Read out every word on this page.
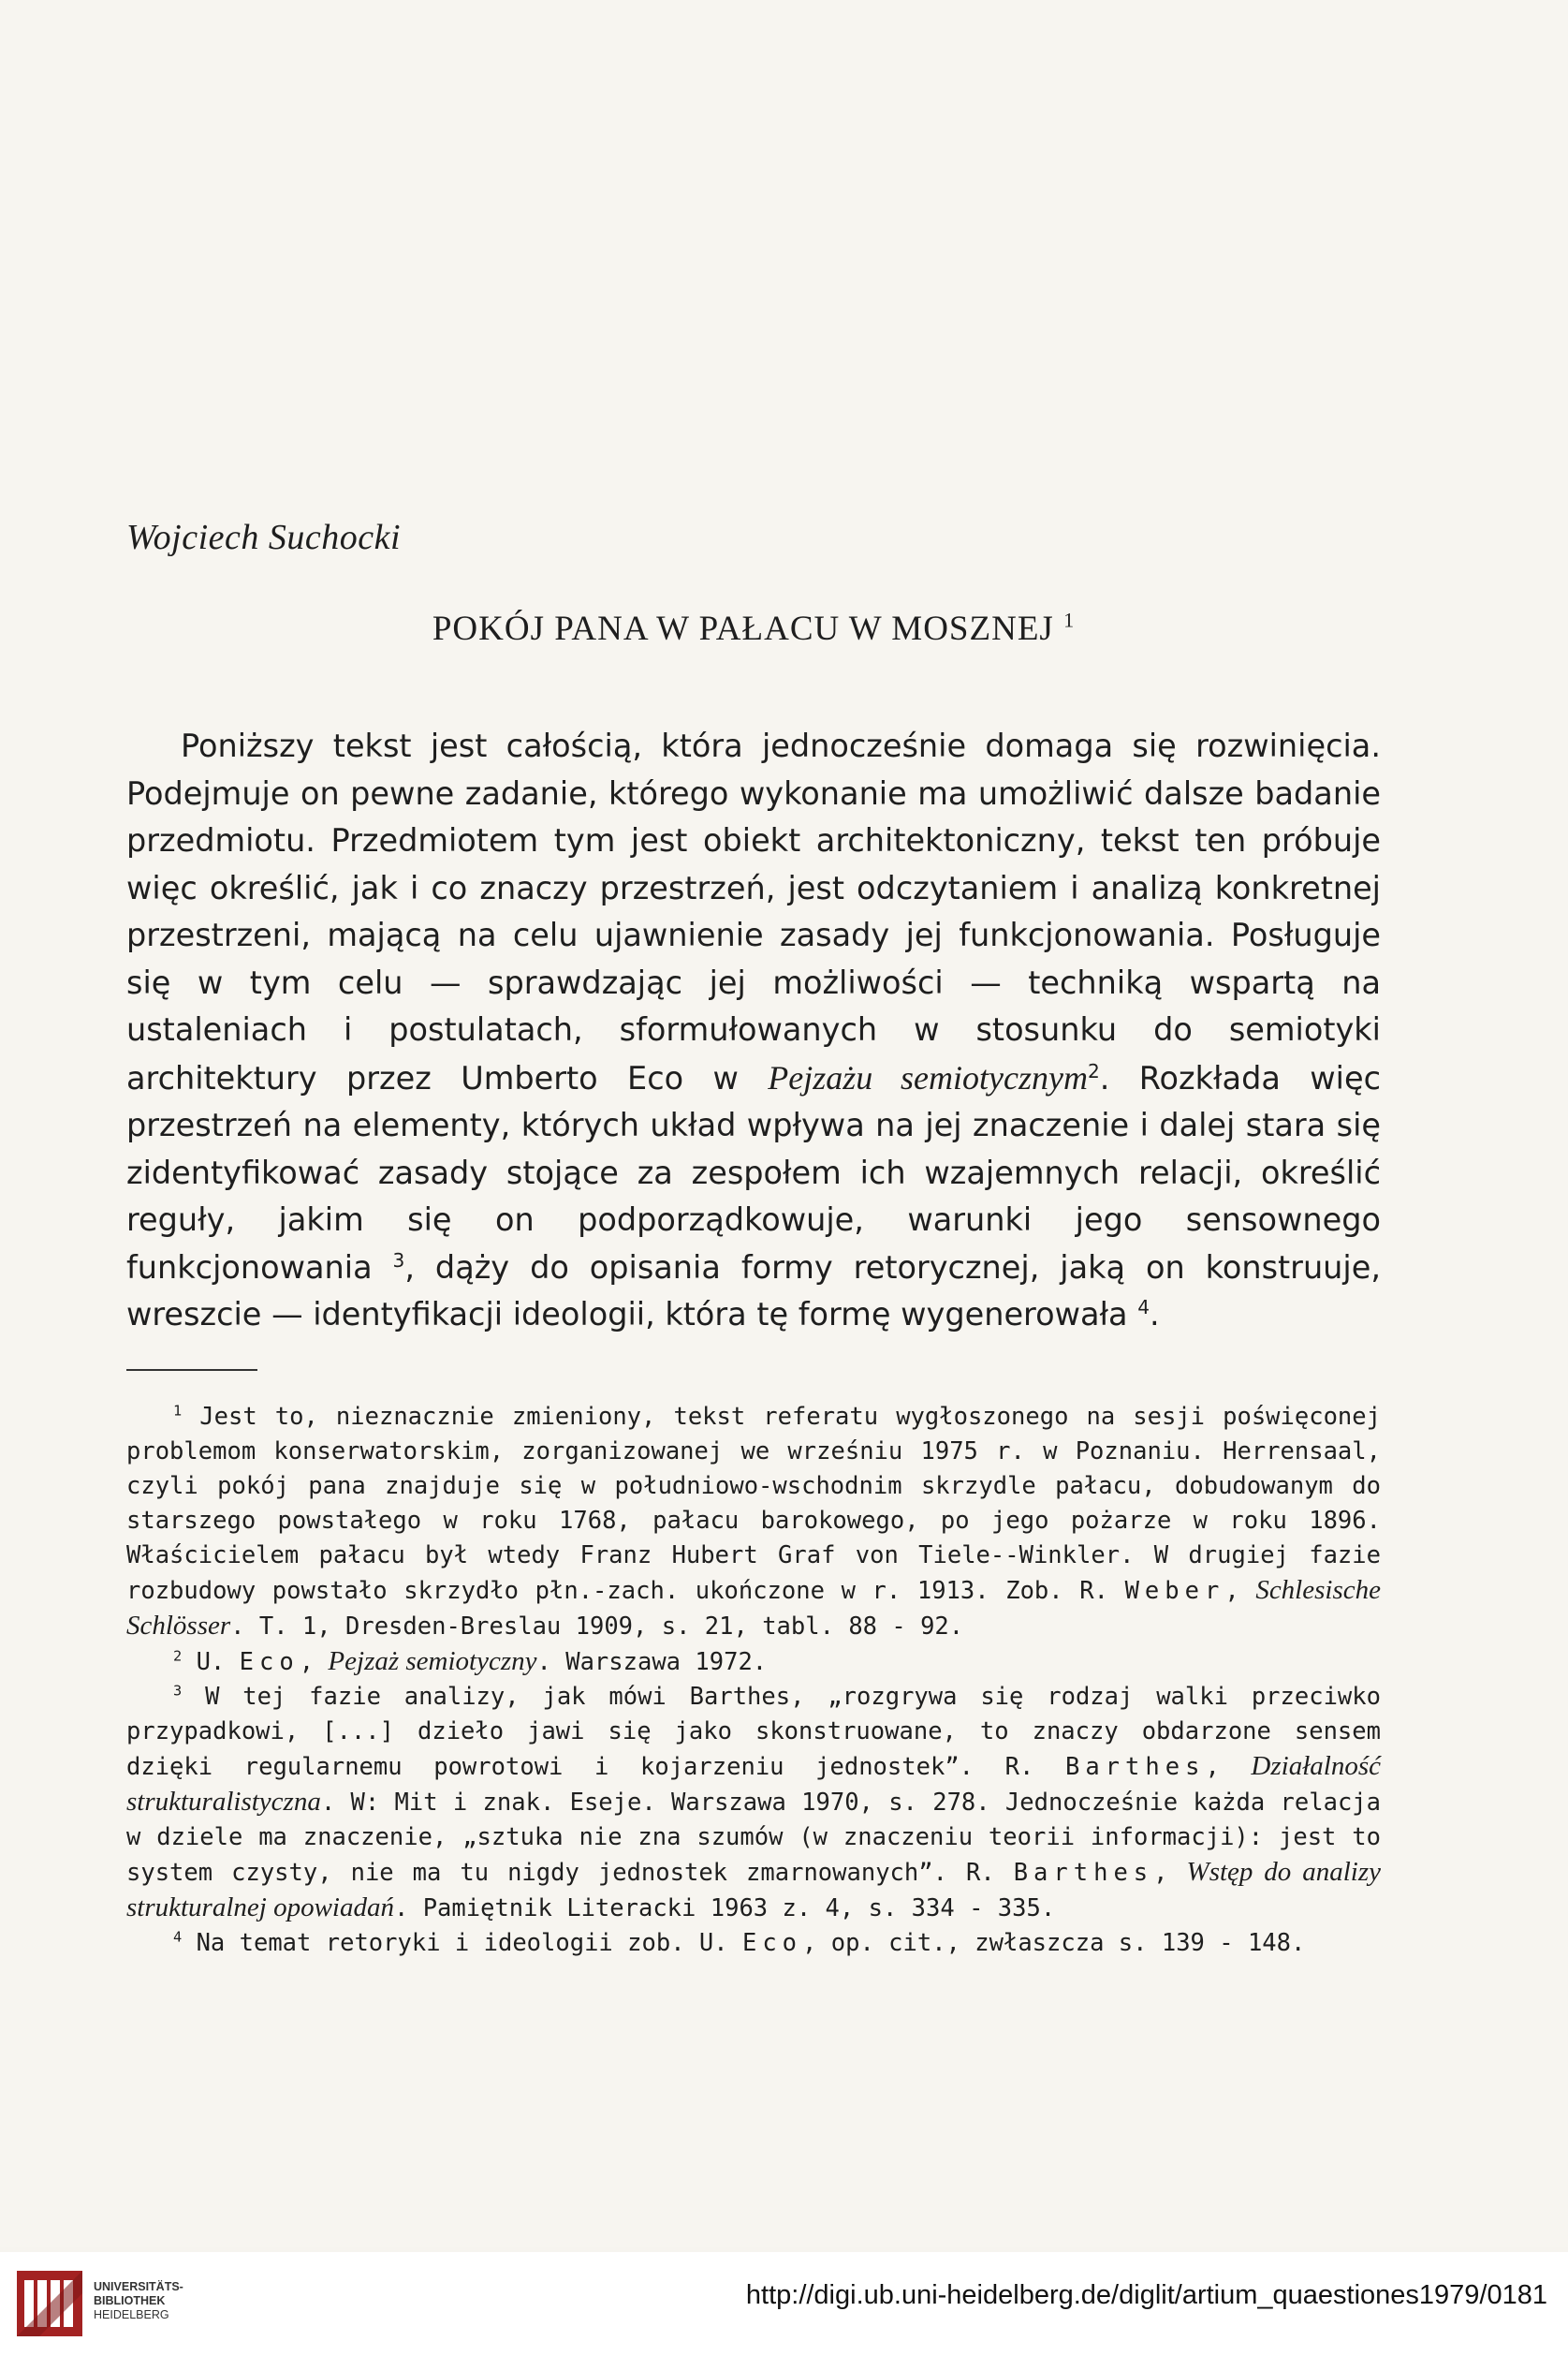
Wojciech Suchocki
POKÓJ PANA W PAŁACU W MOSZNEJ $^1$

Poniższy tekst jest całością, która jednocześnie domaga się rozwinięcia. Podejmuje on pewne zadanie, którego wykonanie ma umożliwić dalsze badanie przedmiotu. Przedmiotem tym jest obiekt architektoniczny, tekst ten próbuje więc określić, jak i co znaczy przestrzeń, jest odczytaniem i analizą konkretnej przestrzeni, mającą na celu ujawnienie zasady jej funkcjonowania. Posługuje się w tym celu — sprawdzając jej możliwości — techniką wspartą na ustaleniach i postulatach, sformułowanych w stosunku do semiotyki architektury przez Umberto Eco w Pejzażu semiotycznym$^2$. Rozkłada więc przestrzeń na elementy, których układ wpływa na jej znaczenie i dalej stara się zidentyfikować zasady stojące za zespołem ich wzajemnych relacji, określić reguły, jakim się on podporządkowuje, warunki jego sensownego funkcjonowania $^3$, dąży do opisania formy retorycznej, jaką on konstruuje, wreszcie — identyfikacji ideologii, która tę formę wygenerowała $^4$.

$^1$ Jest to, nieznacznie zmieniony, tekst referatu wygłoszonego na sesji poświęconej problemom konserwatorskim, zorganizowanej we wrześniu 1975 r. w Poznaniu. Herrensaal, czyli pokój pana znajduje się w południowo-wschodnim skrzydle pałacu, dobudowanym do starszego powstałego w roku 1768, pałacu barokowego, po jego pożarze w roku 1896. Właścicielem pałacu był wtedy Franz Hubert Graf von Tiele--Winkler. W drugiej fazie rozbudowy powstało skrzydło płn.-zach. ukończone w r. 1913. Zob. R. Weber, Schlesische Schlösser. T. 1, Dresden-Breslau 1909, s. 21, tabl. 88 - 92.

$^2$ U. Eco, Pejzaż semiotyczny. Warszawa 1972.

$^3$ W tej fazie analizy, jak mówi Barthes, „rozgrywa się rodzaj walki przeciwko przypadkowi, [...] dzieło jawi się jako skonstruowane, to znaczy obdarzone sensem dzięki regularnemu powrotowi i kojarzeniu jednostek”. R. Barthes, Działalność strukturalistyczna. W: Mit i znak. Eseje. Warszawa 1970, s. 278. Jednocześnie każda relacja w dziele ma znaczenie, „sztuka nie zna szumów (w znaczeniu teorii informacji): jest to system czysty, nie ma tu nigdy jednostek zmarnowanych”. R. Barthes, Wstęp do analizy strukturalnej opowiadań. Pamiętnik Literacki 1963 z. 4, s. 334 - 335.

$^4$ Na temat retoryki i ideologii zob. U. Eco, op. cit., zwłaszcza s. 139 - 148.

UNIVERSITÄTS-
BIBLIOTHEK
HEIDELBERG
http://digi.ub.uni-heidelberg.de/diglit/artium_quaestiones1979/0181
